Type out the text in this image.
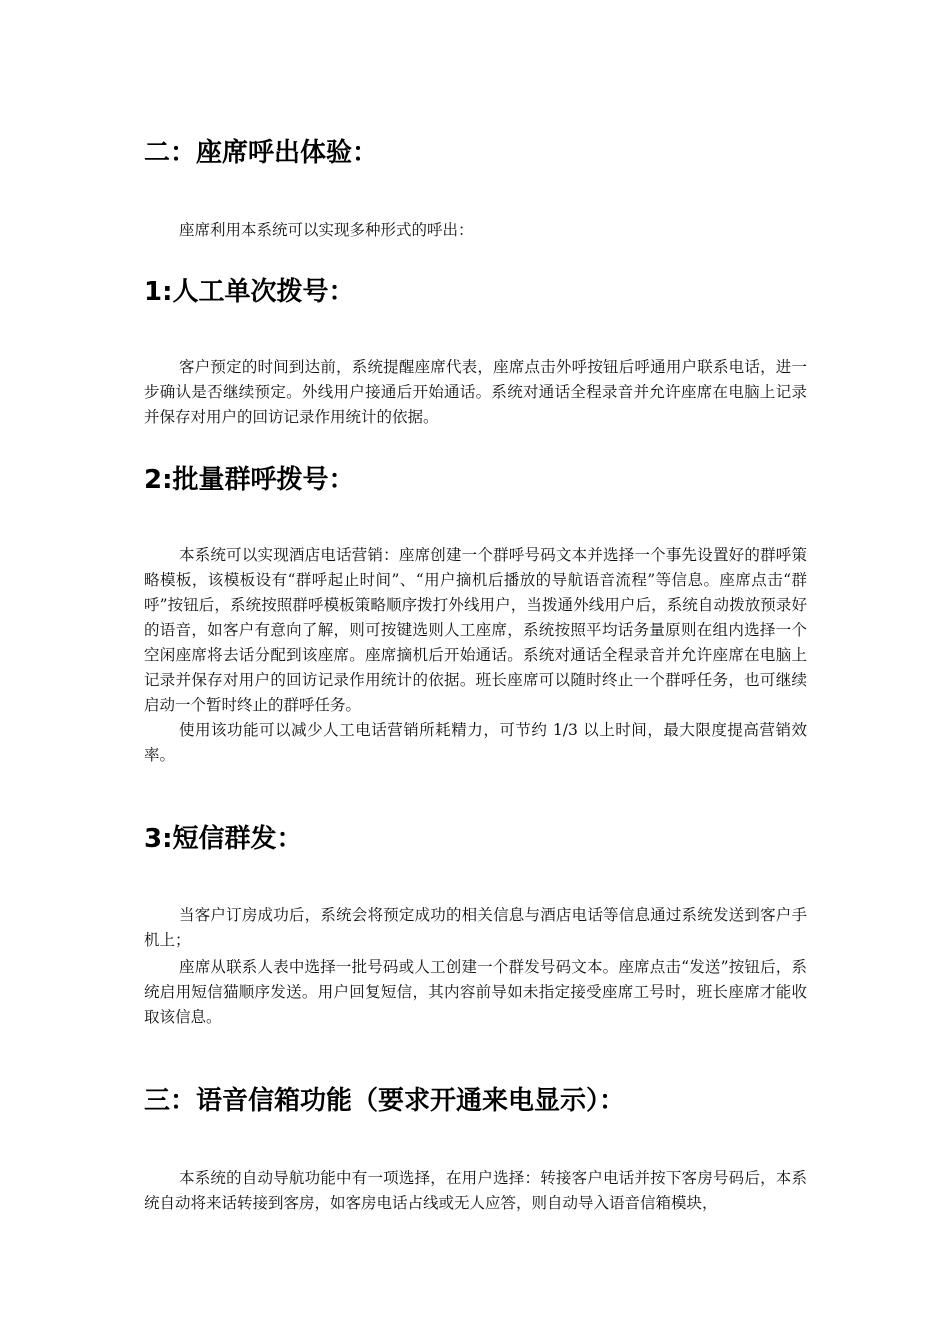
二：座席呼出体验：

座席利用本系统可以实现多种形式的呼出：

1:人工单次拨号：

客户预定的时间到达前，系统提醒座席代表，座席点击外呼按钮后呼通用户联系电话，进一步确认是否继续预定。外线用户接通后开始通话。系统对通话全程录音并允许座席在电脑上记录并保存对用户的回访记录作用统计的依据。

2:批量群呼拨号：

本系统可以实现酒店电话营销：座席创建一个群呼号码文本并选择一个事先设置好的群呼策略模板，该模板设有“群呼起止时间”、“用户摘机后播放的导航语音流程”等信息。座席点击“群呼”按钮后，系统按照群呼模板策略顺序拨打外线用户，当拨通外线用户后，系统自动拨放预录好的语音，如客户有意向了解，则可按键选则人工座席，系统按照平均话务量原则在组内选择一个空闲座席将去话分配到该座席。座席摘机后开始通话。系统对通话全程录音并允许座席在电脑上记录并保存对用户的回访记录作用统计的依据。班长座席可以随时终止一个群呼任务，也可继续启动一个暂时终止的群呼任务。

使用该功能可以减少人工电话营销所耗精力，可节约 1/3 以上时间，最大限度提高营销效率。

3:短信群发：

当客户订房成功后，系统会将预定成功的相关信息与酒店电话等信息通过系统发送到客户手机上；

座席从联系人表中选择一批号码或人工创建一个群发号码文本。座席点击“发送”按钮后，系统启用短信猫顺序发送。用户回复短信，其内容前导如未指定接受座席工号时，班长座席才能收取该信息。

三：语音信箱功能（要求开通来电显示）：

本系统的自动导航功能中有一项选择，在用户选择：转接客户电话并按下客房号码后，本系统自动将来话转接到客房，如客房电话占线或无人应答，则自动导入语音信箱模块，
